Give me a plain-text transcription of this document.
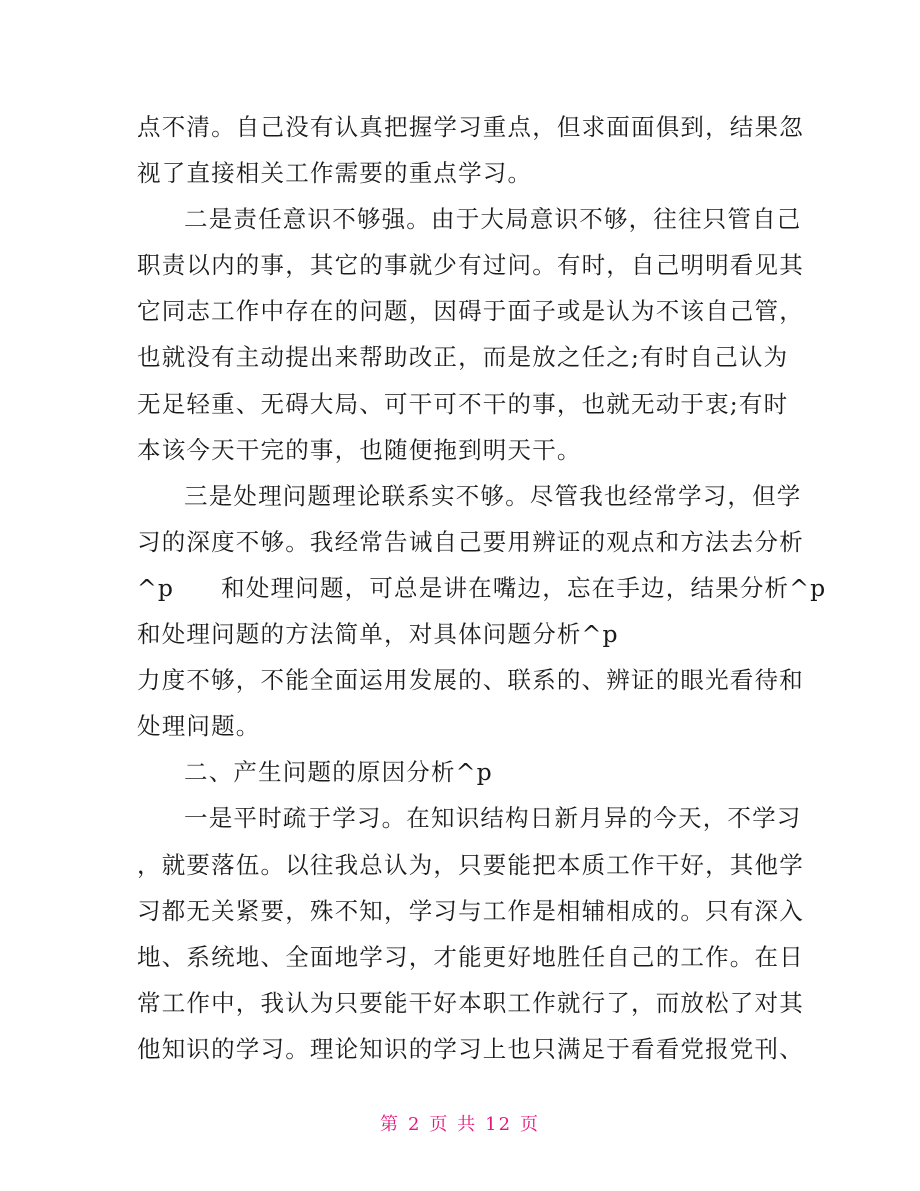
点不清。自己没有认真把握学习重点，但求面面俱到，结果忽
视了直接相关工作需要的重点学习。
二是责任意识不够强。由于大局意识不够，往往只管自己
职责以内的事，其它的事就少有过问。有时，自己明明看见其
它同志工作中存在的问题，因碍于面子或是认为不该自己管，
也就没有主动提出来帮助改正，而是放之任之;有时自己认为
无足轻重、无碍大局、可干可不干的事，也就无动于衷;有时
本该今天干完的事，也随便拖到明天干。
三是处理问题理论联系实不够。尽管我也经常学习，但学
习的深度不够。我经常告诫自己要用辨证的观点和方法去分析
^p 和处理问题，可总是讲在嘴边，忘在手边，结果分析^p
和处理问题的方法简单，对具体问题分析^p
力度不够，不能全面运用发展的、联系的、辨证的眼光看待和
处理问题。
二、产生问题的原因分析^p
一是平时疏于学习。在知识结构日新月异的今天，不学习
，就要落伍。以往我总认为，只要能把本质工作干好，其他学
习都无关紧要，殊不知，学习与工作是相辅相成的。只有深入
地、系统地、全面地学习，才能更好地胜任自己的工作。在日
常工作中，我认为只要能干好本职工作就行了，而放松了对其
他知识的学习。理论知识的学习上也只满足于看看党报党刊、
第 2 页 共 12 页
